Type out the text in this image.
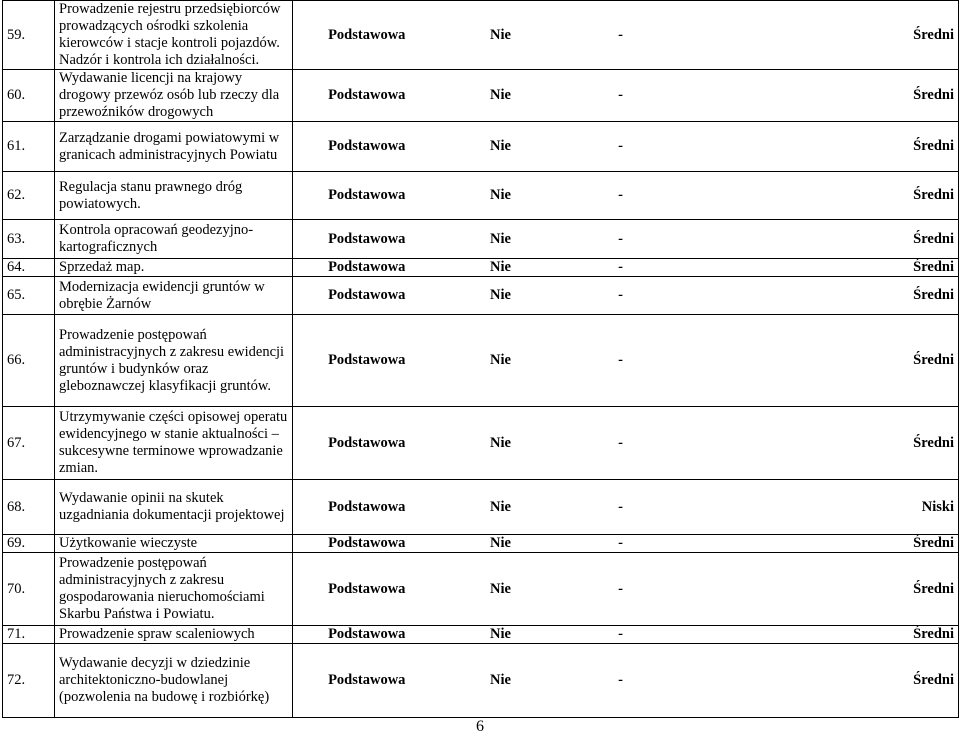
59.	Prowadzenie rejestru przedsiębiorców prowadzących ośrodki szkolenia kierowców i stacje kontroli pojazdów. Nadzór i kontrola ich działalności.	Podstawowa	Nie	-	Średni
60.	Wydawanie licencji na krajowy drogowy przewóz osób lub rzeczy dla przewoźników drogowych	Podstawowa	Nie	-	Średni
61.	Zarządzanie drogami powiatowymi w granicach administracyjnych Powiatu	Podstawowa	Nie	-	Średni
62.	Regulacja stanu prawnego dróg powiatowych.	Podstawowa	Nie	-	Średni
63.	Kontrola opracowań geodezyjno-kartograficznych	Podstawowa	Nie	-	Średni
64.	Sprzedaż map.	Podstawowa	Nie	-	Średni
65.	Modernizacja ewidencji gruntów w obrębie Żarnów	Podstawowa	Nie	-	Średni
66.	Prowadzenie postępowań administracyjnych z zakresu ewidencji gruntów i budynków oraz gleboznawczej klasyfikacji gruntów.	Podstawowa	Nie	-	Średni
67.	Utrzymywanie części opisowej operatu ewidencyjnego w stanie aktualności – sukcesywne terminowe wprowadzanie zmian.	Podstawowa	Nie	-	Średni
68.	Wydawanie opinii na skutek uzgadniania dokumentacji projektowej	Podstawowa	Nie	-	Niski
69.	Użytkowanie wieczyste	Podstawowa	Nie	-	Średni
70.	Prowadzenie postępowań administracyjnych z zakresu gospodarowania nieruchomościami Skarbu Państwa i Powiatu.	Podstawowa	Nie	-	Średni
71.	Prowadzenie spraw scaleniowych	Podstawowa	Nie	-	Średni
72.	Wydawanie decyzji w dziedzinie architektoniczno-budowlanej (pozwolenia na budowę i rozbiórkę)	Podstawowa	Nie	-	Średni
6
